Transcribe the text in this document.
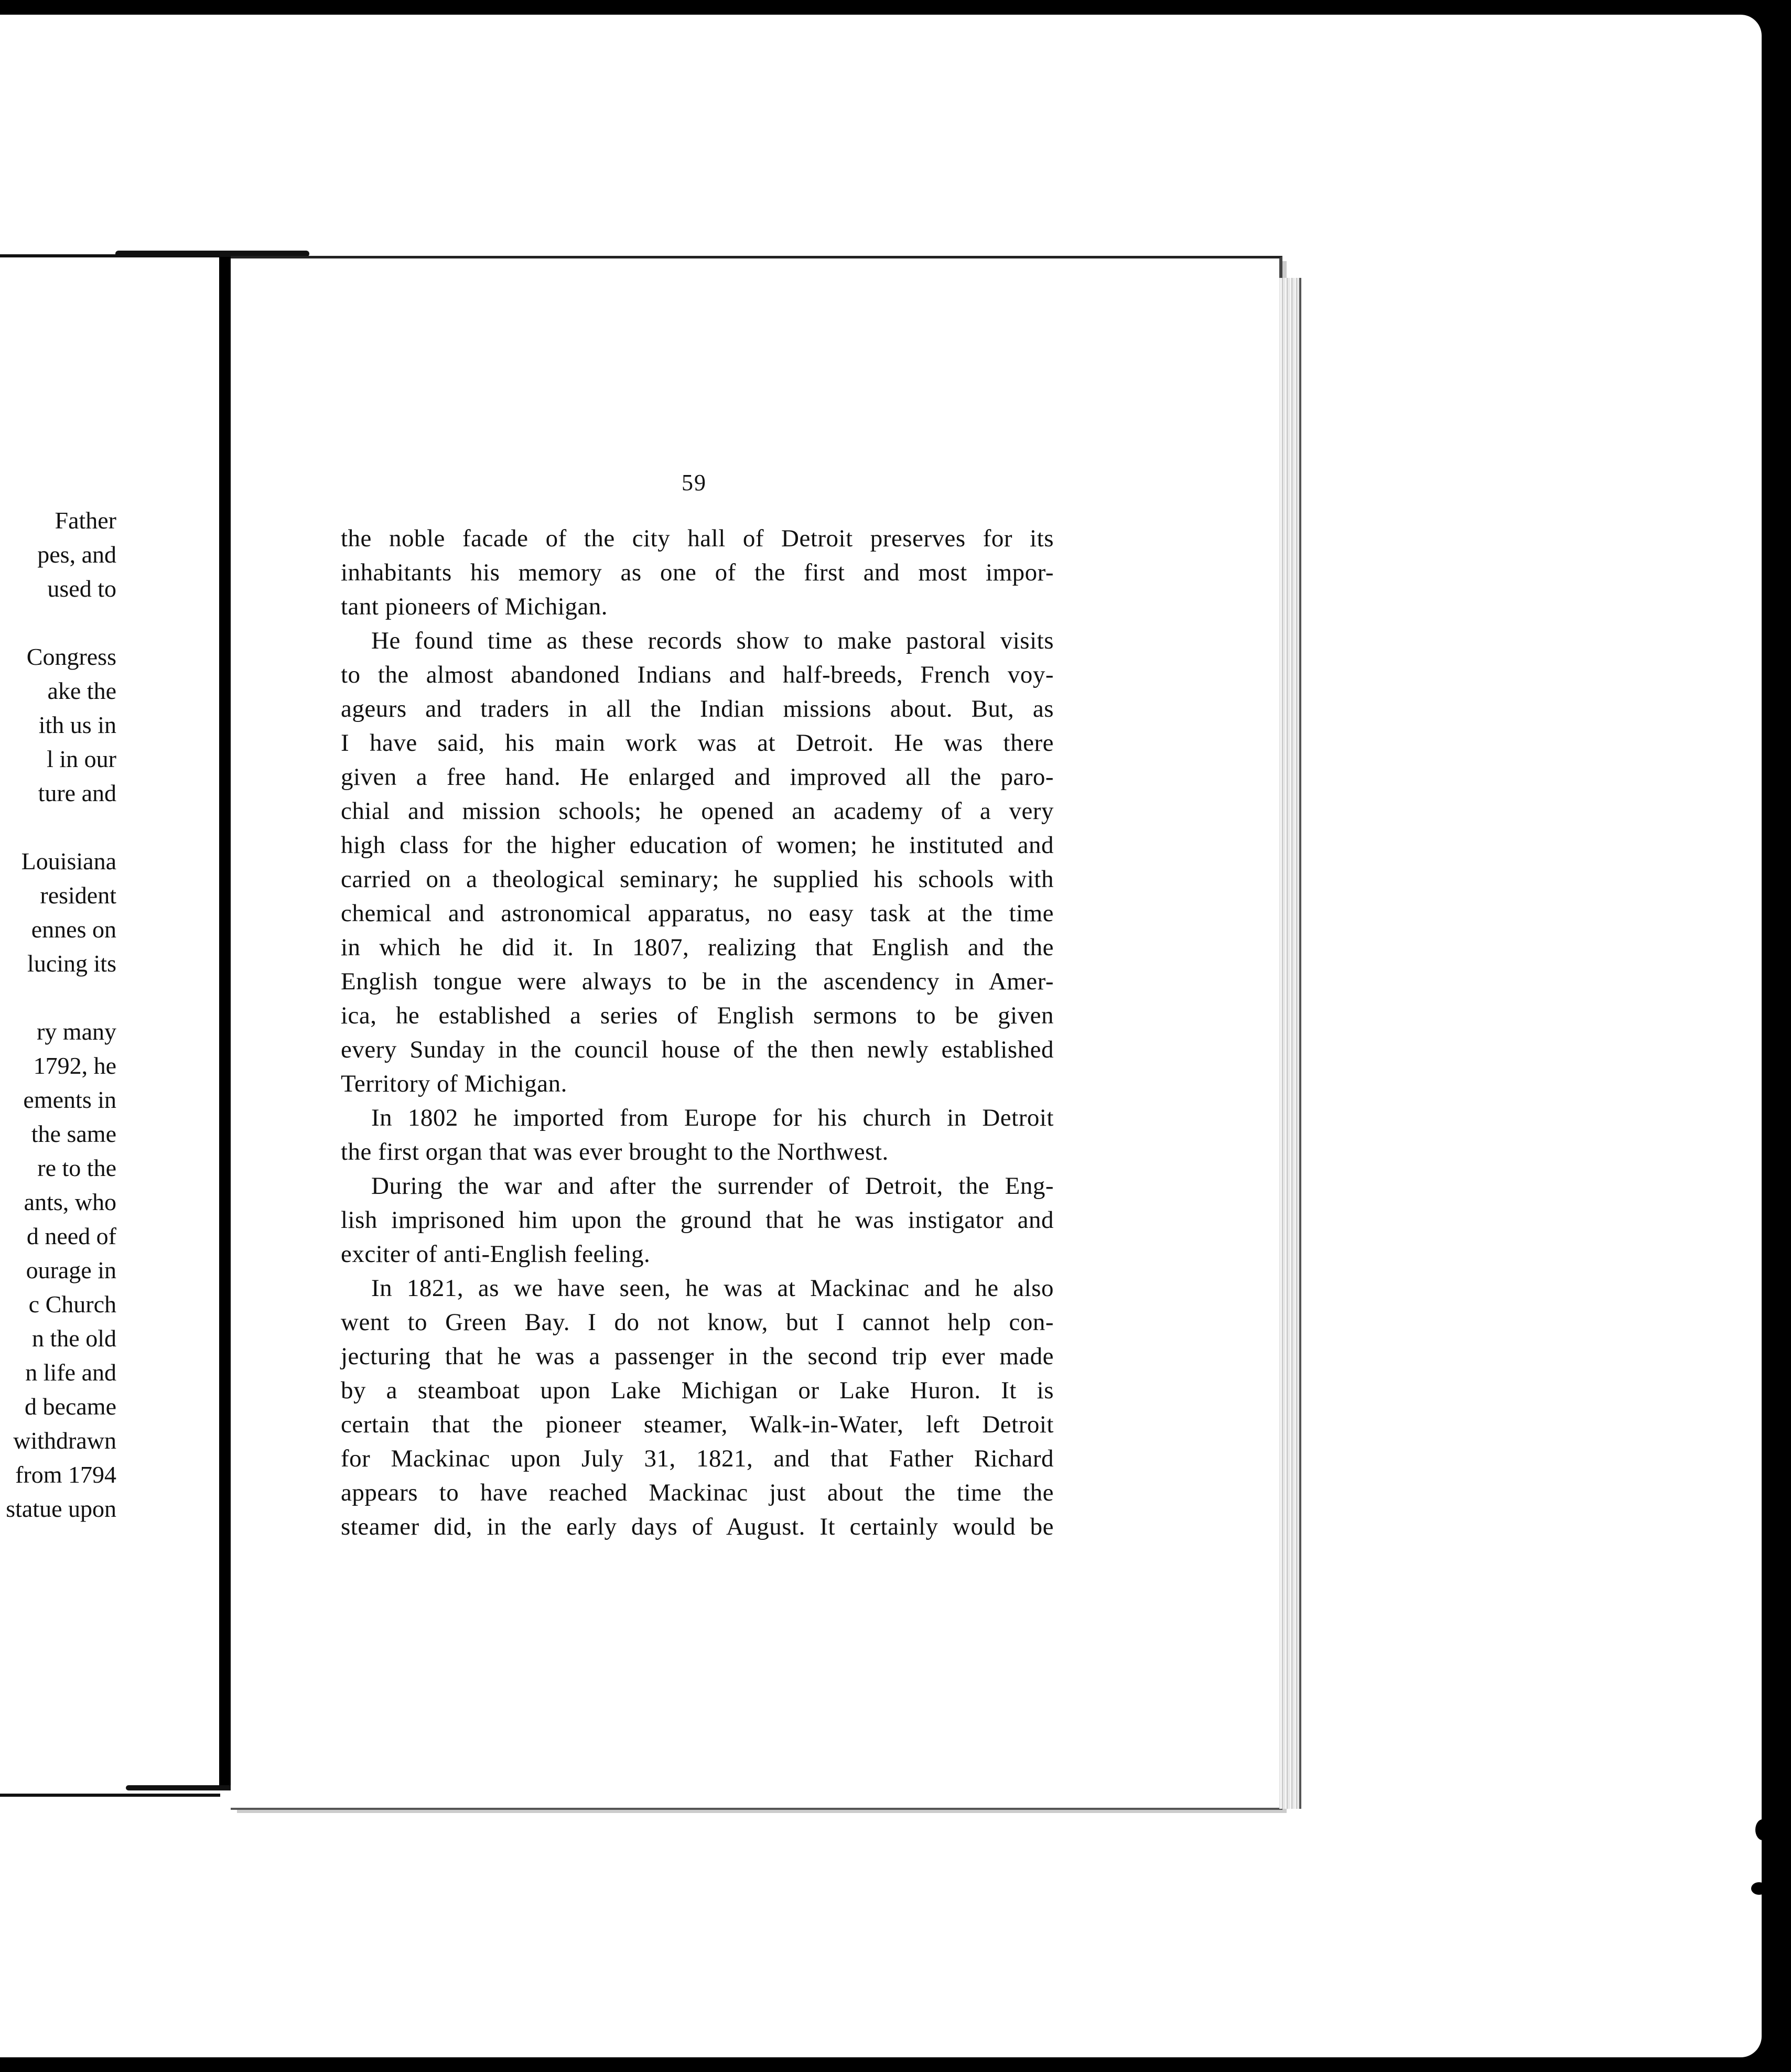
Father
pes, and
used to
Congress
ake the
ith us in
l in our
ture and
Louisiana
resident
ennes on
lucing its
ry many
1792, he
ements in
the same
re to the
ants, who
d need of
ourage in
c Church
n the old
n life and
d became
withdrawn
from 1794
statue upon
59
the noble facade of the city hall of Detroit preserves for its
inhabitants his memory as one of the first and most impor-
tant pioneers of Michigan.
He found time as these records show to make pastoral visits
to the almost abandoned Indians and half-breeds, French voy-
ageurs and traders in all the Indian missions about. But, as
I have said, his main work was at Detroit. He was there
given a free hand. He enlarged and improved all the paro-
chial and mission schools; he opened an academy of a very
high class for the higher education of women; he instituted and
carried on a theological seminary; he supplied his schools with
chemical and astronomical apparatus, no easy task at the time
in which he did it. In 1807, realizing that English and the
English tongue were always to be in the ascendency in Amer-
ica, he established a series of English sermons to be given
every Sunday in the council house of the then newly established
Territory of Michigan.
In 1802 he imported from Europe for his church in Detroit
the first organ that was ever brought to the Northwest.
During the war and after the surrender of Detroit, the Eng-
lish imprisoned him upon the ground that he was instigator and
exciter of anti-English feeling.
In 1821, as we have seen, he was at Mackinac and he also
went to Green Bay. I do not know, but I cannot help con-
jecturing that he was a passenger in the second trip ever made
by a steamboat upon Lake Michigan or Lake Huron. It is
certain that the pioneer steamer, Walk-in-Water, left Detroit
for Mackinac upon July 31, 1821, and that Father Richard
appears to have reached Mackinac just about the time the
steamer did, in the early days of August. It certainly would be
